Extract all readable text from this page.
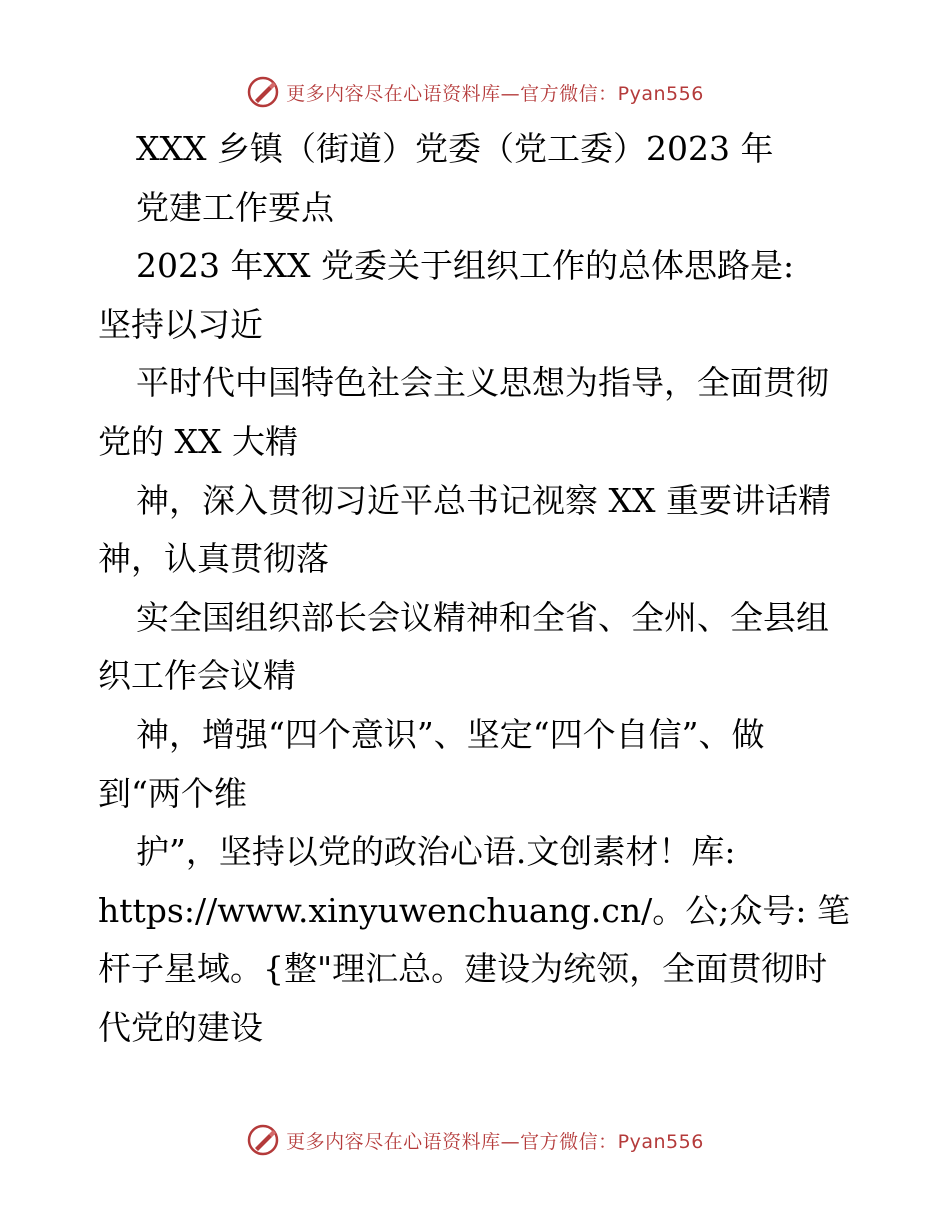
更多内容尽在心语资料库—官方微信：Pyan556
XXX 乡镇（街道）党委（党工委）2023 年
党建工作要点
2023 年XX 党委关于组织工作的总体思路是:
坚持以习近
平时代中国特色社会主义思想为指导，全面贯彻
党的 XX 大精
神，深入贯彻习近平总书记视察 XX 重要讲话精
神，认真贯彻落
实全国组织部长会议精神和全省、全州、全县组
织工作会议精
神，增强“四个意识”、坚定“四个自信”、做
到“两个维
护”，坚持以党的政治心语.文创素材！库:
https://www.xinyuwenchuang.cn/。公;众号: 笔
杆子星域。{整"理汇总。建设为统领，全面贯彻时
代党的建设
更多内容尽在心语资料库—官方微信：Pyan556
